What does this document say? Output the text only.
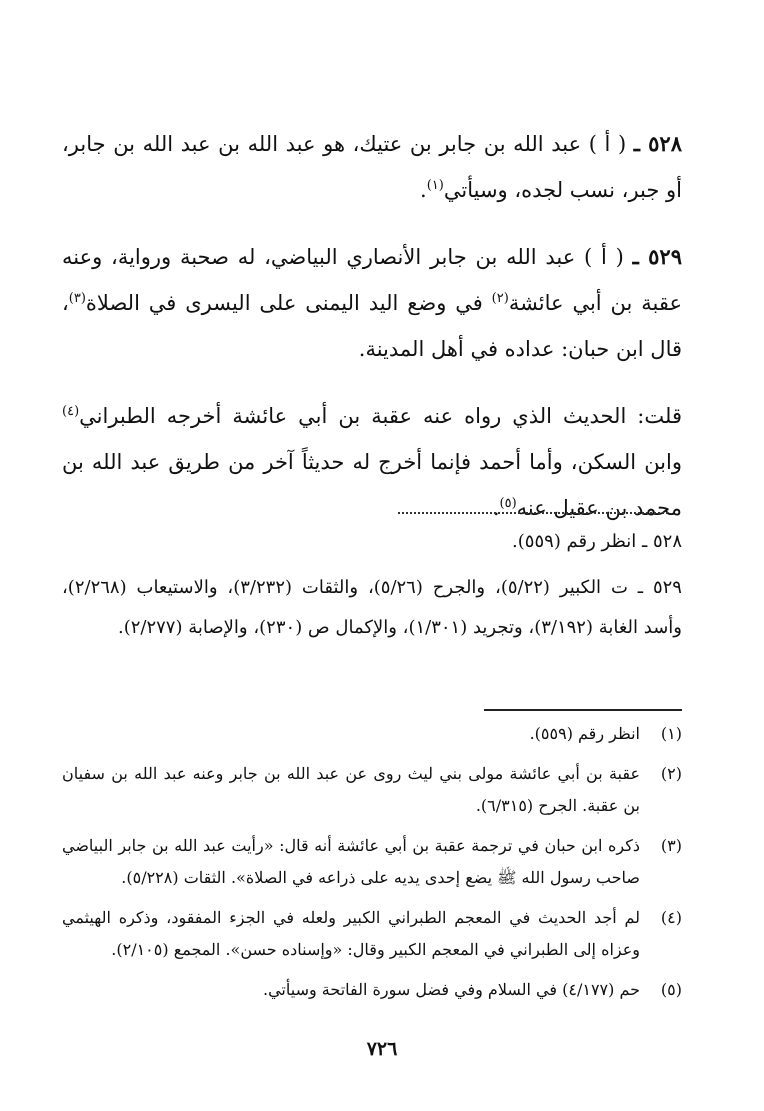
٥٢٨ ـ ( أ ) عبد الله بن جابر بن عتيك، هو عبد الله بن عبد الله بن جابر، أو جبر، نسب لجده، وسيأتي$^{(١)}$.

٥٢٩ ـ ( أ ) عبد الله بن جابر الأنصاري البياضي، له صحبة ورواية، وعنه عقبة بن أبي عائشة$^{(٢)}$ في وضع اليد اليمنى على اليسرى في الصلاة$^{(٣)}$، قال ابن حبان: عداده في أهل المدينة.

قلت: الحديث الذي رواه عنه عقبة بن أبي عائشة أخرجه الطبراني$^{(٤)}$ وابن السكن، وأما أحمد فإنما أخرج له حديثاً آخر من طريق عبد الله بن محمد بن عقيل عنه$^{(٥)}$.

٥٢٨ ـ انظر رقم (٥٥٩).

٥٢٩ ـ ت الكبير (٥/٢٢)، والجرح (٥/٢٦)، والثقات (٣/٢٣٢)، والاستيعاب (٢/٢٦٨)، وأسد الغابة (٣/١٩٢)، وتجريد (١/٣٠١)، والإكمال ص (٢٣٠)، والإصابة (٢/٢٧٧).

(١)
انظر رقم (٥٥٩).
(٢)
عقبة بن أبي عائشة مولى بني ليث روى عن عبد الله بن جابر وعنه عبد الله بن سفيان بن عقبة. الجرح (٦/٣١٥).
(٣)
ذكره ابن حبان في ترجمة عقبة بن أبي عائشة أنه قال: «رأيت عبد الله بن جابر البياضي صاحب رسول الله ﷺ يضع إحدى يديه على ذراعه في الصلاة». الثقات (٥/٢٢٨).
(٤)
لم أجد الحديث في المعجم الطبراني الكبير ولعله في الجزء المفقود، وذكره الهيثمي وعزاه إلى الطبراني في المعجم الكبير وقال: «وإسناده حسن». المجمع (٢/١٠٥).
(٥)
حم (٤/١٧٧) في السلام وفي فضل سورة الفاتحة وسيأتي.
٧٢٦
